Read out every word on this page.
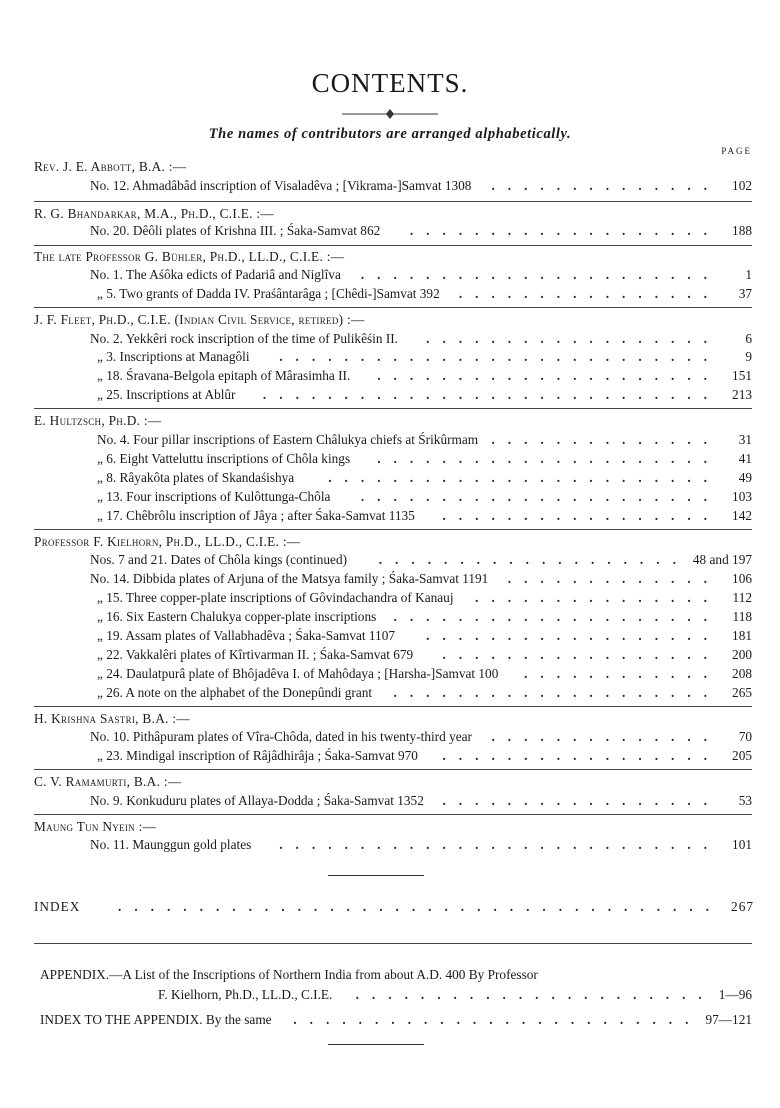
CONTENTS.
The names of contributors are arranged alphabetically.
PAGE
Rev. J. E. Abbott, B.A. :—
No. 12. Ahmadâbâd inscription of Visaladêva ; [Vikrama-]Samvat 1308	.............. 102
R. G. Bhandarkar, M.A., Ph.D., C.I.E. :—
No. 20. Dêôli plates of Krishna III. ; Śaka-Samvat 862	................... 188
The late Professor G. Bühler, Ph.D., LL.D., C.I.E. :—
No. 1. The Aśôka edicts of Padariâ and Niglîva	......................	1
„ 5. Two grants of Dadda IV. Praśântarâga ; [Chêdi-]Samvat 392	................	37
J. F. Fleet, Ph.D., C.I.E. (Indian Civil Service, retired) :—
No. 2. Yekkêri rock inscription of the time of Pulikêśin II.	..................	6
„ 3. Inscriptions at Managôli	...........................	9
„ 18. Śravana-Belgola epitaph of Mârasimha II.	..................... 151
„ 25. Inscriptions at Ablûr	............................ 213
E. Hultzsch, Ph.D. :—
No. 4. Four pillar inscriptions of Eastern Châlukya chiefs at Śrikûrmam	..............	31
„ 6. Eight Vatteluttu inscriptions of Chôla kings	.....................	41
„ 8. Râyakôta plates of Skandaśishya	........................	49
„ 13. Four inscriptions of Kulôttunga-Chôla	...................... 103
„ 17. Chêbrôlu inscription of Jâya ; after Śaka-Samvat 1135	................. 142
Professor F. Kielhorn, Ph.D., LL.D., C.I.E. :—
Nos. 7 and 21. Dates of Chôla kings (continued)	................... 48 and 197
No. 14. Dibbida plates of Arjuna of the Matsya family ; Śaka-Samvat 1191	............. 106
„ 15. Three copper-plate inscriptions of Gôvindachandra of Kanauj	............... 112
„ 16. Six Eastern Chalukya copper-plate inscriptions	.................... 118
„ 19. Assam plates of Vallabhadêva ; Śaka-Samvat 1107	.................. 181
„ 22. Vakkalêri plates of Kîrtivarman II. ; Śaka-Samvat 679	................. 200
„ 24. Daulatpurâ plate of Bhôjadêva I. of Mahôdaya ; [Harsha-]Samvat 100	............ 208
„ 26. A note on the alphabet of the Donepûndi grant	.................... 265
H. Krishna Sastri, B.A. :—
No. 10. Pithâpuram plates of Vîra-Chôda, dated in his twenty-third year	..............	70
„ 23. Mindigal inscription of Râjâdhirâja ; Śaka-Samvat 970	................. 205
C. V. Ramamurti, B.A. :—
No. 9. Konkuduru plates of Allaya-Dodda ; Śaka-Samvat 1352	.................	53
Maung Tun Nyein :—
No. 11. Maunggun gold plates	........................... 101
INDEX	..................................... 267
APPENDIX.—A List of the Inscriptions of Northern India from about A.D. 400 By Professor
F. Kielhorn, Ph.D., LL.D., C.I.E.	...................... 1—96
INDEX TO THE APPENDIX. By the same	......................... 97—121
